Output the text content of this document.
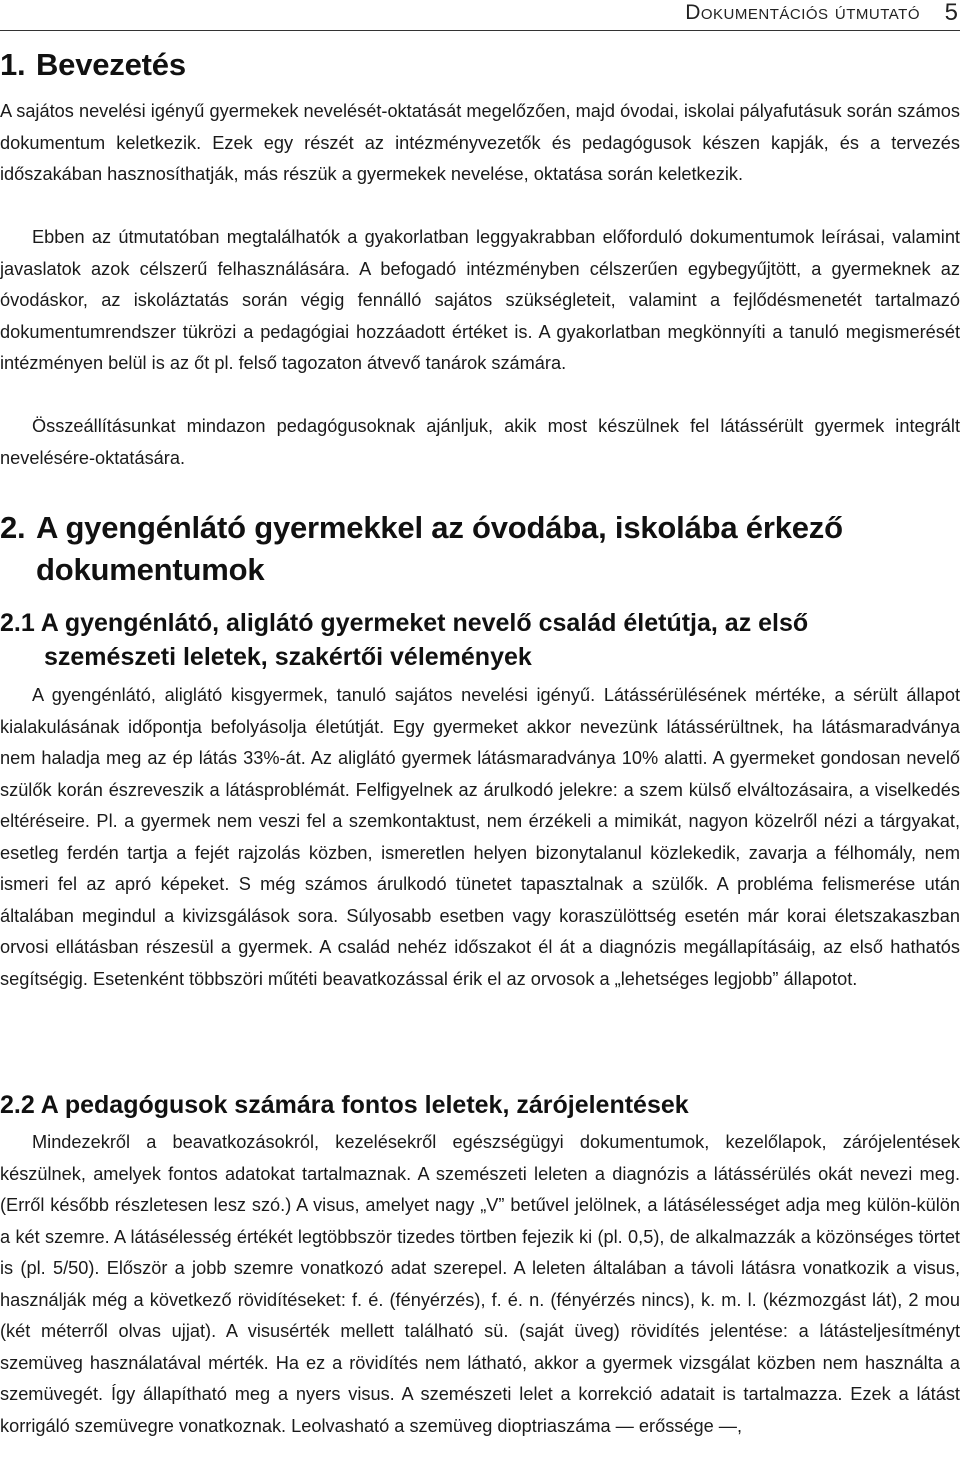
Dokumentációs útmutató 5
1. Bevezetés

A sajátos nevelési igényű gyermekek nevelését-oktatását megelőzően, majd óvodai, iskolai pályafutásuk során számos dokumentum keletkezik. Ezek egy részét az intézményvezetők és pedagógusok készen kapják, és a tervezés időszakában hasznosíthatják, más részük a gyermekek nevelése, oktatása során keletkezik.

Ebben az útmutatóban megtalálhatók a gyakorlatban leggyakrabban előforduló dokumentumok leírásai, valamint javaslatok azok célszerű felhasználására. A befogadó intézményben célszerűen egybegyűjtött, a gyermeknek az óvodáskor, az iskoláztatás során végig fennálló sajátos szükségleteit, valamint a fejlődésmenetét tartalmazó dokumentumrendszer tükrözi a pedagógiai hozzáadott értéket is. A gyakorlatban megkönnyíti a tanuló megismerését intézményen belül is az őt pl. felső tagozaton átvevő tanárok számára.

Összeállításunkat mindazon pedagógusoknak ajánljuk, akik most készülnek fel látássérült gyermek integrált nevelésére-oktatására.

2. A gyengénlátó gyermekkel az óvodába, iskolába érkező
dokumentumok
2.1 A gyengénlátó, aliglátó gyermeket nevelő család életútja, az első
szemészeti leletek, szakértői vélemények

A gyengénlátó, aliglátó kisgyermek, tanuló sajátos nevelési igényű. Látássérülésének mértéke, a sérült állapot kialakulásának időpontja befolyásolja életútját. Egy gyermeket akkor nevezünk látássérültnek, ha látásmaradványa nem haladja meg az ép látás 33%-át. Az aliglátó gyermek látásmaradványa 10% alatti. A gyermeket gondosan nevelő szülők korán észreveszik a látásproblémát. Felfigyelnek az árulkodó jelekre: a szem külső elváltozásaira, a viselkedés eltéréseire. Pl. a gyermek nem veszi fel a szemkontaktust, nem érzékeli a mimikát, nagyon közelről nézi a tárgyakat, esetleg ferdén tartja a fejét rajzolás közben, ismeretlen helyen bizonytalanul közlekedik, zavarja a félhomály, nem ismeri fel az apró képeket. S még számos árulkodó tünetet tapasztalnak a szülők. A probléma felismerése után általában megindul a kivizsgálások sora. Súlyosabb esetben vagy koraszülöttség esetén már korai életszakaszban orvosi ellátásban részesül a gyermek. A család nehéz időszakot él át a diagnózis megállapításáig, az első hathatós segítségig. Esetenként többszöri műtéti beavatkozással érik el az orvosok a „lehetséges legjobb” állapotot.

2.2 A pedagógusok számára fontos leletek, zárójelentések

Mindezekről a beavatkozásokról, kezelésekről egészségügyi dokumentumok, kezelőlapok, zárójelentések készülnek, amelyek fontos adatokat tartalmaznak. A szemészeti leleten a diagnózis a látássérülés okát nevezi meg. (Erről később részletesen lesz szó.) A visus, amelyet nagy „V” betűvel jelölnek, a látásélességet adja meg külön-külön a két szemre. A látásélesség értékét legtöbbször tizedes törtben fejezik ki (pl. 0,5), de alkalmazzák a közönséges törtet is (pl. 5/50). Először a jobb szemre vonatkozó adat szerepel. A leleten általában a távoli látásra vonatkozik a visus, használják még a következő rövidítéseket: f. é. (fényérzés), f. é. n. (fényérzés nincs), k. m. l. (kézmozgást lát), 2 mou (két méterről olvas ujjat). A visusérték mellett található sü. (saját üveg) rövidítés jelentése: a látásteljesítményt szemüveg használatával mérték. Ha ez a rövidítés nem látható, akkor a gyermek vizsgálat közben nem használta a szemüvegét. Így állapítható meg a nyers visus. A szemészeti lelet a korrekció adatait is tartalmazza. Ezek a látást korrigáló szemüvegre vonatkoznak. Leolvasható a szemüveg dioptriaszáma — erőssége —,
